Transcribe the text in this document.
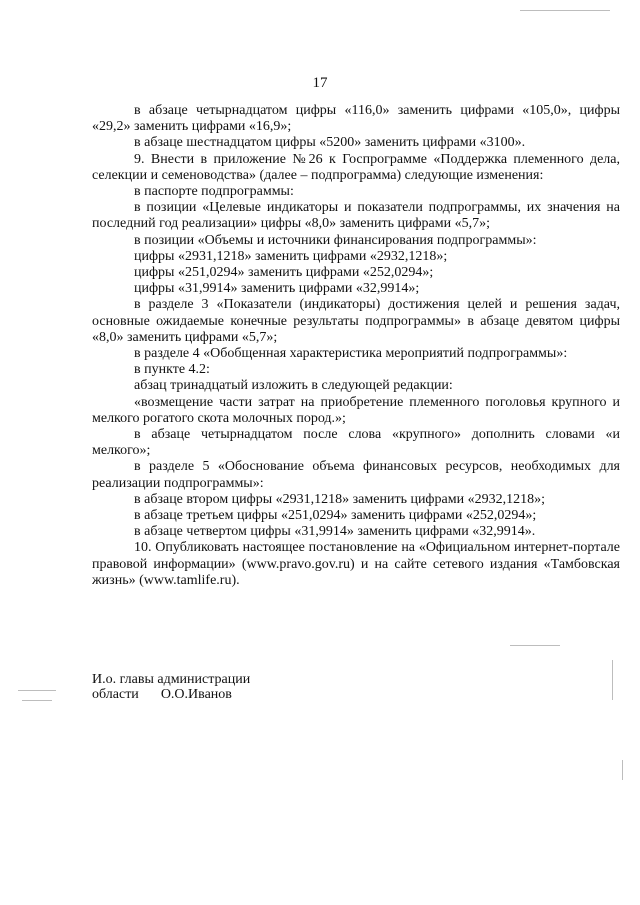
17

в абзаце четырнадцатом цифры «116,0» заменить цифрами «105,0», цифры «29,2» заменить цифрами «16,9»;

в абзаце шестнадцатом цифры «5200» заменить цифрами «3100».

9. Внести в приложение №26 к Госпрограмме «Поддержка племенного дела, селекции и семеноводства» (далее – подпрограмма) следующие изменения:

в паспорте подпрограммы:

в позиции «Целевые индикаторы и показатели подпрограммы, их значения на последний год реализации» цифры «8,0» заменить цифрами «5,7»;

в позиции «Объемы и источники финансирования подпрограммы»:

цифры «2931,1218» заменить цифрами «2932,1218»;

цифры «251,0294» заменить цифрами «252,0294»;

цифры «31,9914» заменить цифрами «32,9914»;

в разделе 3 «Показатели (индикаторы) достижения целей и решения задач, основные ожидаемые конечные результаты подпрограммы» в абзаце девятом цифры «8,0» заменить цифрами «5,7»;

в разделе 4 «Обобщенная характеристика мероприятий подпрограммы»:

в пункте 4.2:

абзац тринадцатый изложить в следующей редакции:

«возмещение части затрат на приобретение племенного поголовья крупного и мелкого рогатого скота молочных пород.»;

в абзаце четырнадцатом после слова «крупного» дополнить словами «и мелкого»;

в разделе 5 «Обоснование объема финансовых ресурсов, необходимых для реализации подпрограммы»:

в абзаце втором цифры «2931,1218» заменить цифрами «2932,1218»;

в абзаце третьем цифры «251,0294» заменить цифрами «252,0294»;

в абзаце четвертом цифры «31,9914» заменить цифрами «32,9914».

10. Опубликовать настоящее постановление на «Официальном интернет-портале правовой информации» (www.pravo.gov.ru) и на сайте сетевого издания «Тамбовская жизнь» (www.tamlife.ru).

И.о. главы администрации
области О.О.Иванов
